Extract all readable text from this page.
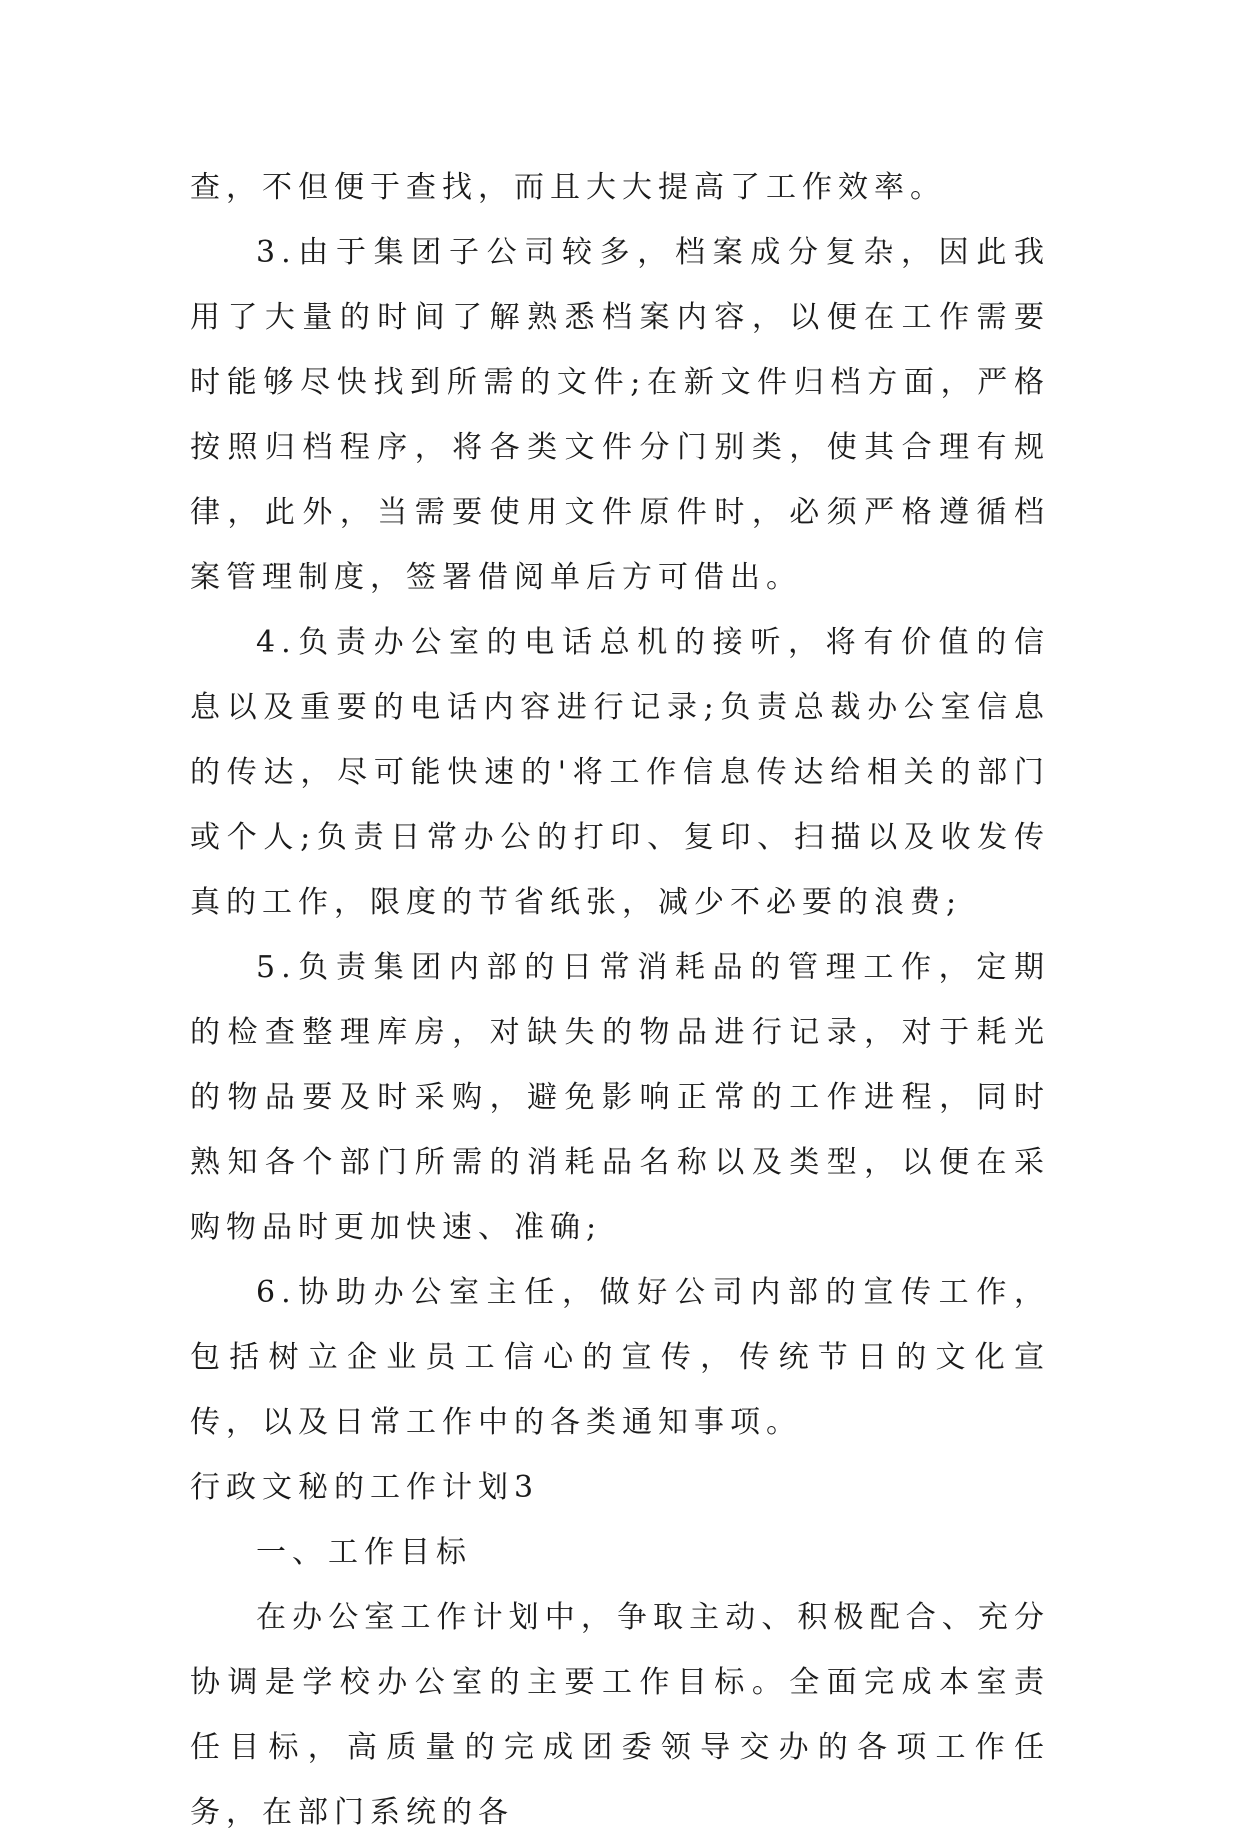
查，不但便于查找，而且大大提高了工作效率。

3.由于集团子公司较多，档案成分复杂，因此我用了大量的时间了解熟悉档案内容，以便在工作需要时能够尽快找到所需的文件;在新文件归档方面，严格按照归档程序，将各类文件分门别类，使其合理有规律，此外，当需要使用文件原件时，必须严格遵循档案管理制度，签署借阅单后方可借出。

4.负责办公室的电话总机的接听，将有价值的信息以及重要的电话内容进行记录;负责总裁办公室信息的传达，尽可能快速的'将工作信息传达给相关的部门或个人;负责日常办公的打印、复印、扫描以及收发传真的工作，限度的节省纸张，减少不必要的浪费;

5.负责集团内部的日常消耗品的管理工作，定期的检查整理库房，对缺失的物品进行记录，对于耗光的物品要及时采购，避免影响正常的工作进程，同时熟知各个部门所需的消耗品名称以及类型，以便在采购物品时更加快速、准确;

6.协助办公室主任，做好公司内部的宣传工作，包括树立企业员工信心的宣传，传统节日的文化宣传，以及日常工作中的各类通知事项。

行政文秘的工作计划3

一、工作目标

在办公室工作计划中，争取主动、积极配合、充分协调是学校办公室的主要工作目标。全面完成本室责任目标，高质量的完成团委领导交办的各项工作任务，在部门系统的各
